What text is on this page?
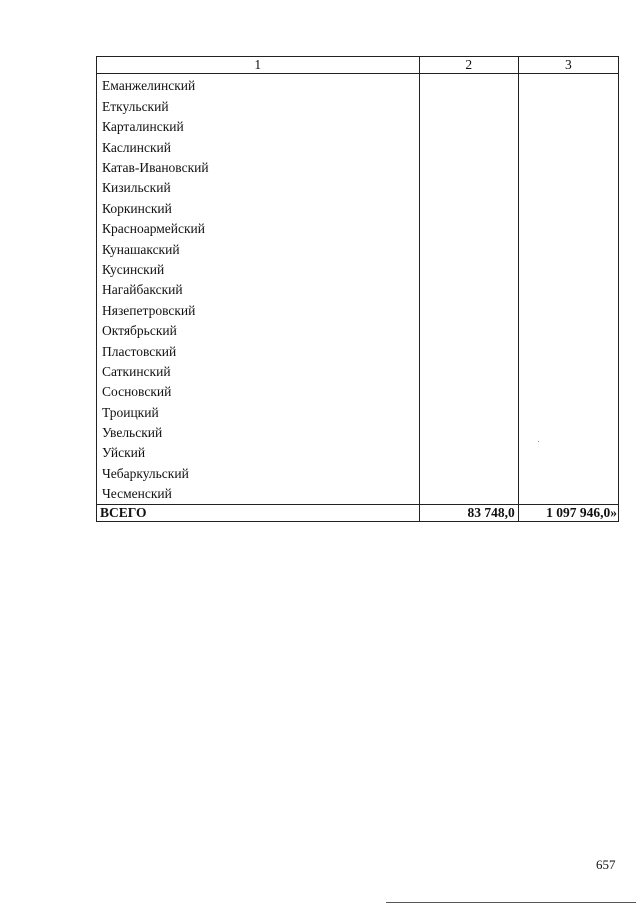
1	2	3
Еманжелинский		
Еткульский		
Карталинский		
Каслинский		
Катав-Ивановский		
Кизильский		
Коркинский		
Красноармейский		
Кунашакский		
Кусинский		
Нагайбакский		
Нязепетровский		
Октябрьский		
Пластовский		
Саткинский		
Сосновский		
Троицкий		
Увельский		
Уйский		
Чебаркульский		
Чесменский		
ВСЕГО	83 748,0	1 097 946,0»
657
